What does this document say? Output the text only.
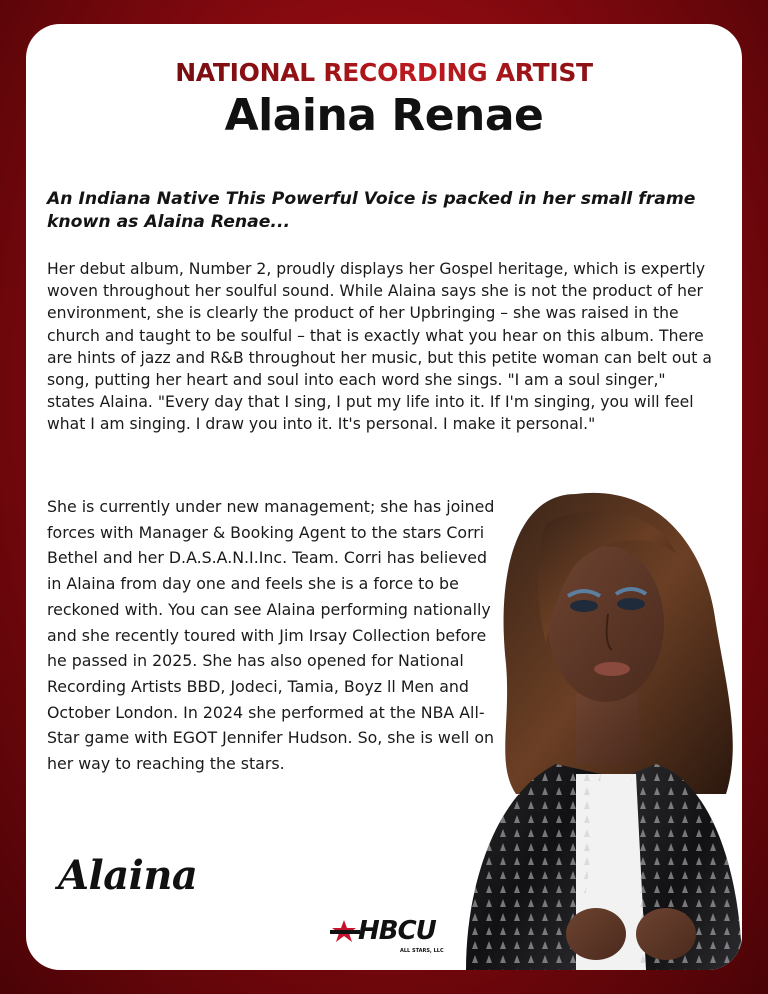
NATIONAL RECORDING ARTIST
Alaina Renae
An Indiana Native This Powerful Voice is packed in her small frame known as Alaina Renae...
Her debut album, Number 2, proudly displays her Gospel heritage, which is expertly woven throughout her soulful sound. While Alaina says she is not the product of her environment, she is clearly the product of her Upbringing – she was raised in the church and taught to be soulful – that is exactly what you hear on this album. There are hints of jazz and R&B throughout her music, but this petite woman can belt out a song, putting her heart and soul into each word she sings. "I am a soul singer," states Alaina. "Every day that I sing, I put my life into it. If I'm singing, you will feel what I am singing. I draw you into it. It's personal. I make it personal."
She is currently under new management; she has joined forces with Manager & Booking Agent to the stars Corri Bethel and her D.A.S.A.N.I.Inc. Team. Corri has believed in Alaina from day one and feels she is a force to be reckoned with. You can see Alaina performing nationally and she recently toured with Jim Irsay Collection before he passed in 2025. She has also opened for National Recording Artists BBD, Jodeci, Tamia, Boyz ll Men and October London. In 2024 she performed at the NBA All-Star game with EGOT Jennifer Hudson. So, she is well on her way to reaching the stars.
Alaina
HBCU
ALL STARS, LLC
